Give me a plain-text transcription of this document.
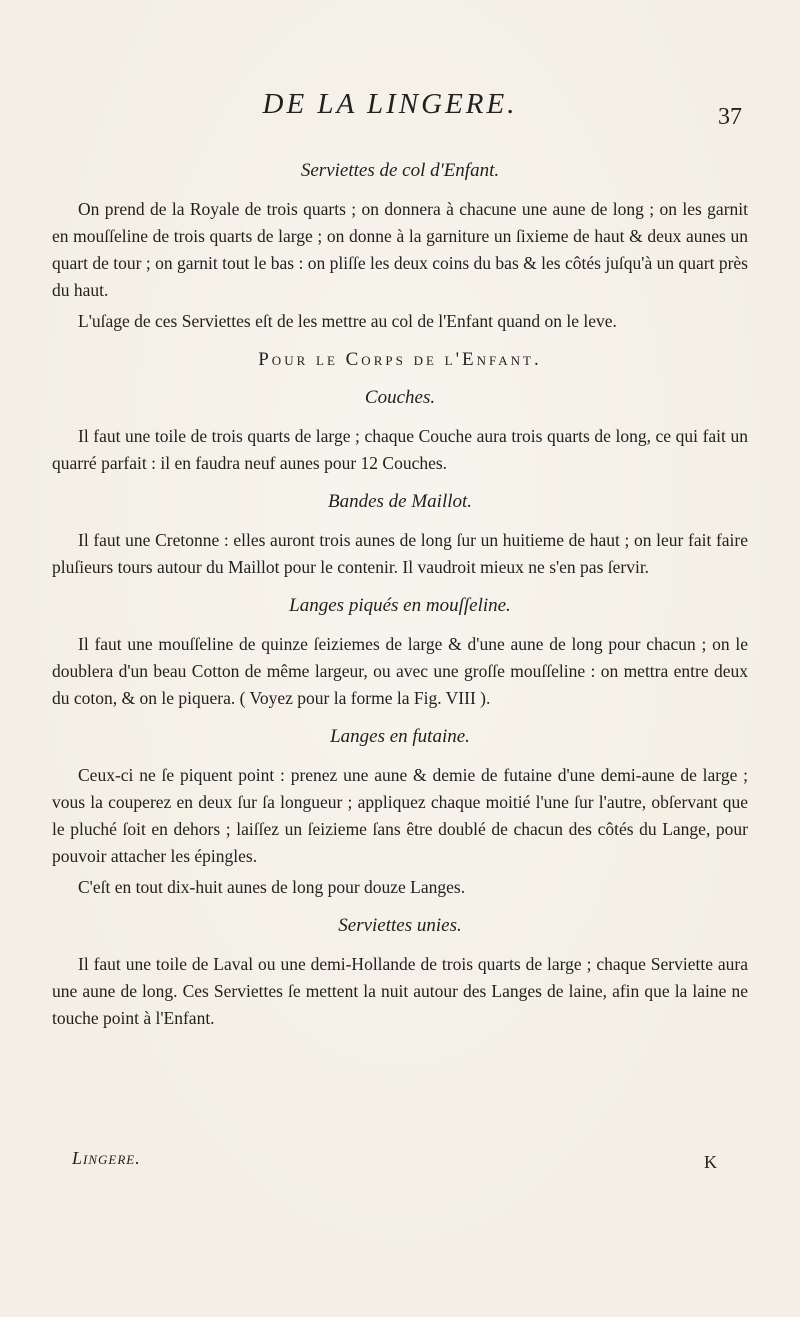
DE LA LINGERE.	37
Serviettes de col d'Enfant.

On prend de la Royale de trois quarts ; on donnera à chacune une aune de long ; on les garnit en mouſſeline de trois quarts de large ; on donne à la garniture un ſixieme de haut & deux aunes un quart de tour ; on garnit tout le bas : on pliſſe les deux coins du bas & les côtés juſqu'à un quart près du haut.

L'uſage de ces Serviettes eſt de les mettre au col de l'Enfant quand on le leve.

Pour le Corps de l'Enfant.
Couches.

Il faut une toile de trois quarts de large ; chaque Couche aura trois quarts de long, ce qui fait un quarré parfait : il en faudra neuf aunes pour 12 Couches.

Bandes de Maillot.

Il faut une Cretonne : elles auront trois aunes de long ſur un huitieme de haut ; on leur fait faire pluſieurs tours autour du Maillot pour le contenir. Il vaudroit mieux ne s'en pas ſervir.

Langes piqués en mouſſeline.

Il faut une mouſſeline de quinze ſeiziemes de large & d'une aune de long pour chacun ; on le doublera d'un beau Cotton de même largeur, ou avec une groſſe mouſſeline : on mettra entre deux du coton, & on le piquera. ( Voyez pour la forme la Fig. VIII ).

Langes en futaine.

Ceux-ci ne ſe piquent point : prenez une aune & demie de futaine d'une demi-aune de large ; vous la couperez en deux ſur ſa longueur ; appliquez chaque moitié l'une ſur l'autre, obſervant que le pluché ſoit en dehors ; laiſſez un ſeizieme ſans être doublé de chacun des côtés du Lange, pour pouvoir attacher les épingles.

C'eſt en tout dix-huit aunes de long pour douze Langes.

Serviettes unies.

Il faut une toile de Laval ou une demi-Hollande de trois quarts de large ; chaque Serviette aura une aune de long. Ces Serviettes ſe mettent la nuit autour des Langes de laine, afin que la laine ne touche point à l'Enfant.

Lingere.	K
